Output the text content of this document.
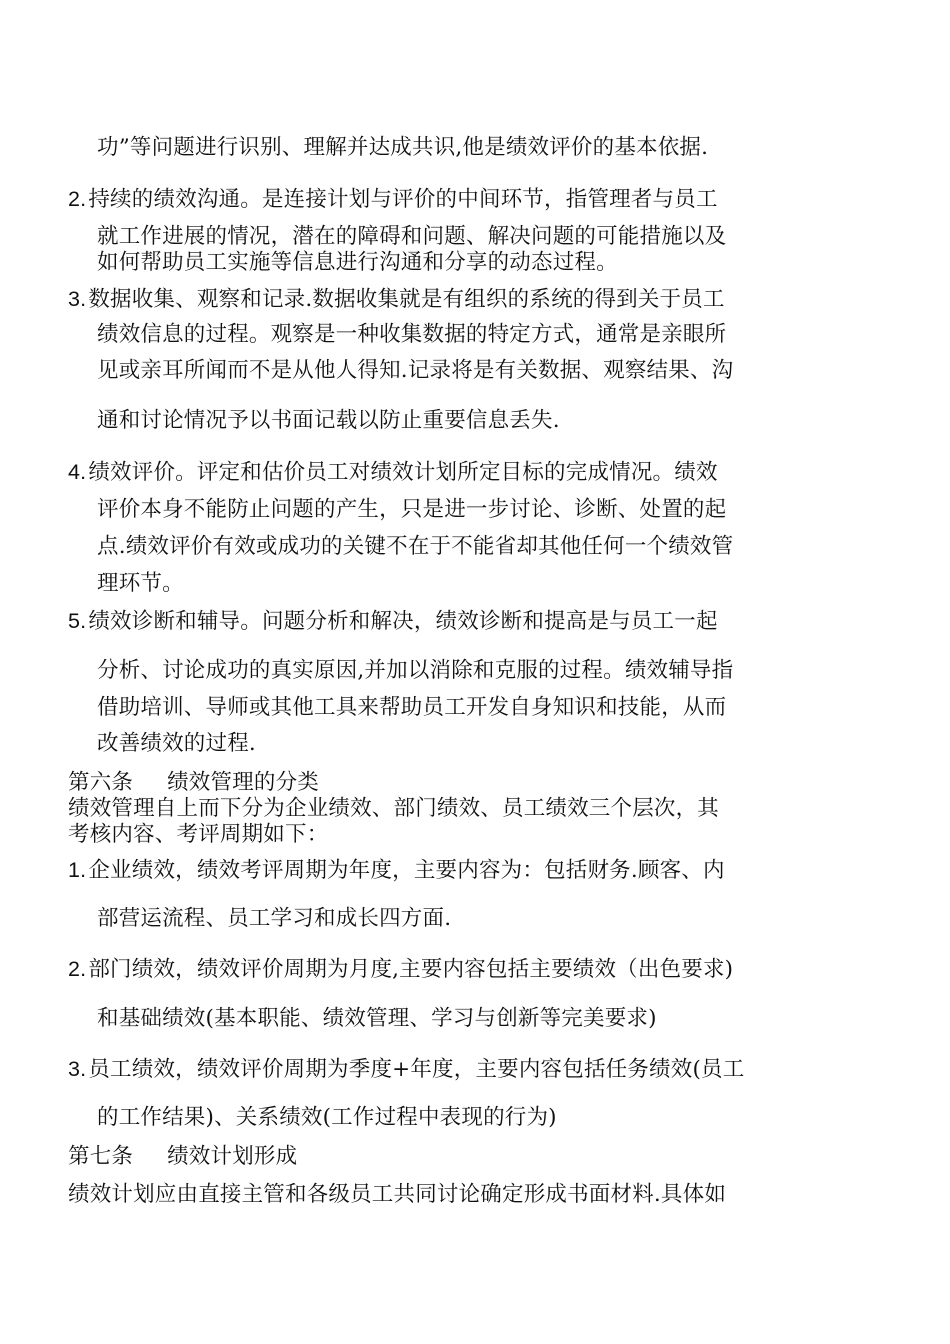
功”等问题进行识别、理解并达成共识,他是绩效评价的基本依据.
2.持续的绩效沟通。是连接计划与评价的中间环节，指管理者与员工
就工作进展的情况，潜在的障碍和问题、解决问题的可能措施以及
如何帮助员工实施等信息进行沟通和分享的动态过程。
3.数据收集、观察和记录.数据收集就是有组织的系统的得到关于员工
绩效信息的过程。观察是一种收集数据的特定方式，通常是亲眼所
见或亲耳所闻而不是从他人得知.记录将是有关数据、观察结果、沟
通和讨论情况予以书面记载以防止重要信息丢失.
4.绩效评价。评定和估价员工对绩效计划所定目标的完成情况。绩效
评价本身不能防止问题的产生，只是进一步讨论、诊断、处置的起
点.绩效评价有效或成功的关键不在于不能省却其他任何一个绩效管
理环节。
5.绩效诊断和辅导。问题分析和解决，绩效诊断和提高是与员工一起
分析、讨论成功的真实原因,并加以消除和克服的过程。绩效辅导指
借助培训、导师或其他工具来帮助员工开发自身知识和技能，从而
改善绩效的过程.
第六条 绩效管理的分类
绩效管理自上而下分为企业绩效、部门绩效、员工绩效三个层次，其
考核内容、考评周期如下：
1.企业绩效，绩效考评周期为年度，主要内容为：包括财务.顾客、内
部营运流程、员工学习和成长四方面.
2.部门绩效，绩效评价周期为月度,主要内容包括主要绩效（出色要求)
和基础绩效(基本职能、绩效管理、学习与创新等完美要求)
3.员工绩效，绩效评价周期为季度+年度，主要内容包括任务绩效(员工
的工作结果)、关系绩效(工作过程中表现的行为)
第七条 绩效计划形成
绩效计划应由直接主管和各级员工共同讨论确定形成书面材料.具体如
